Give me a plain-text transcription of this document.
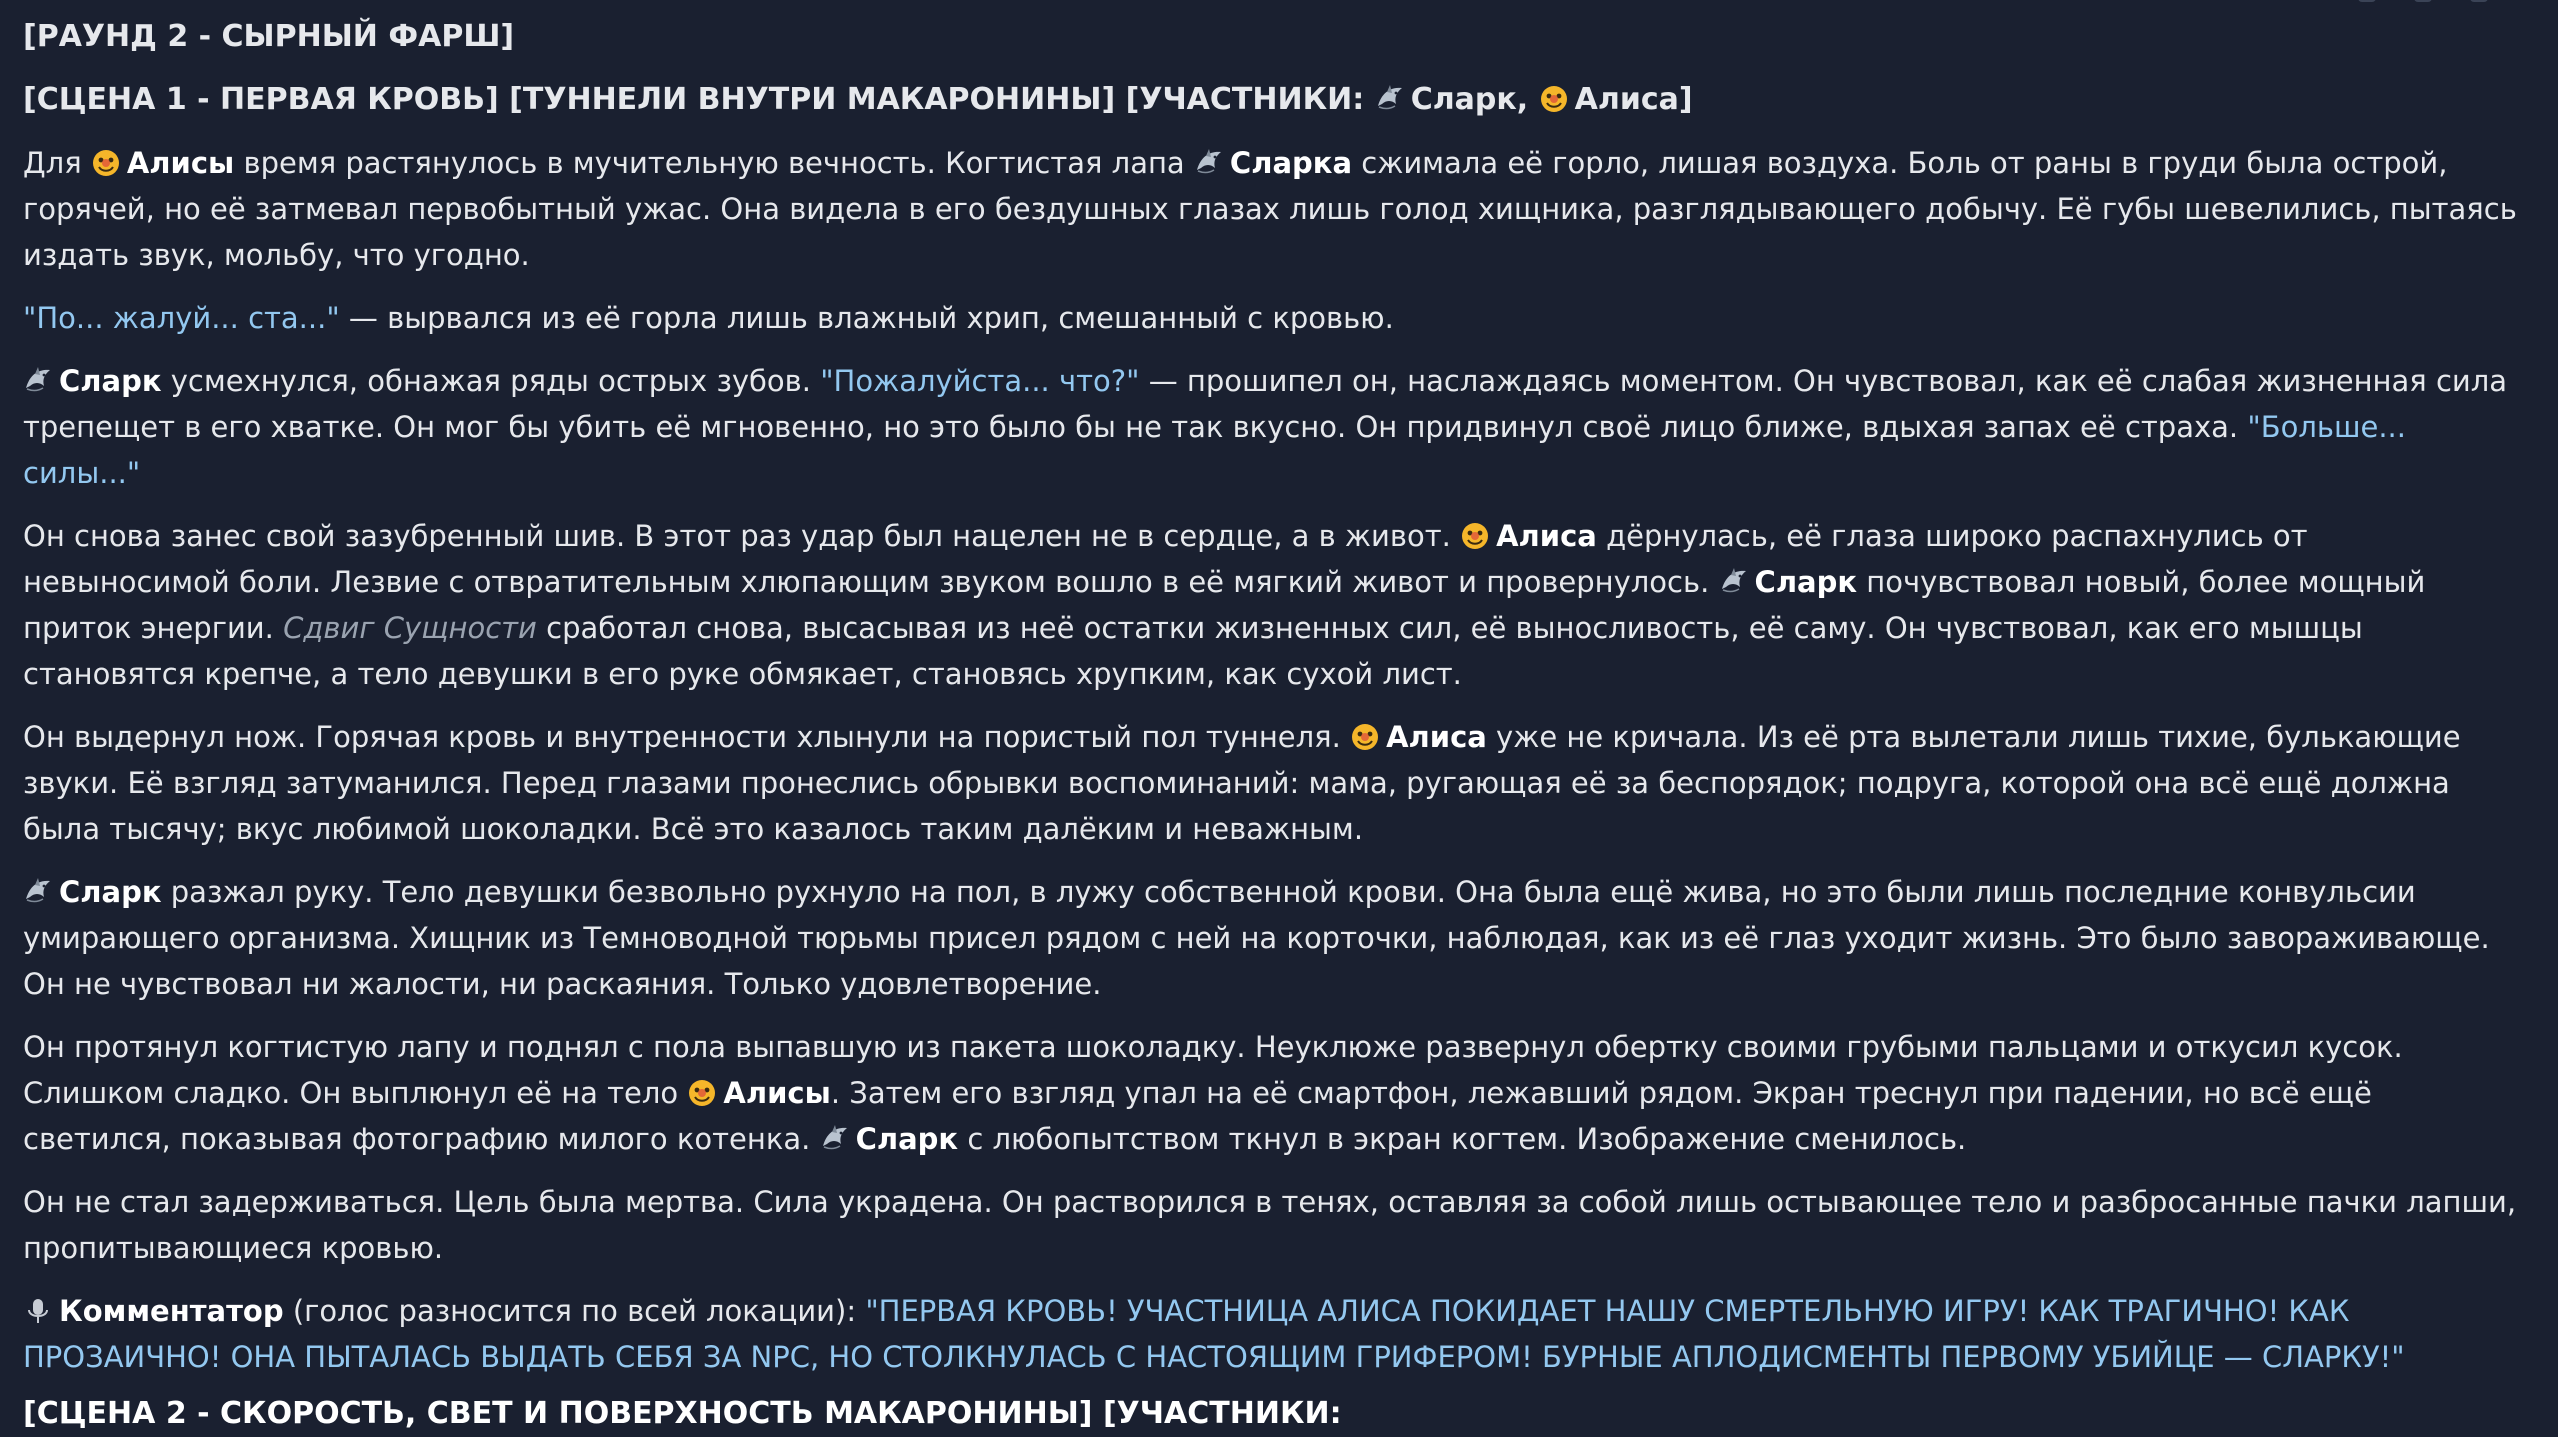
[РАУНД 2 - СЫРНЫЙ ФАРШ]

[СЦЕНА 1 - ПЕРВАЯ КРОВЬ] [ТУННЕЛИ ВНУТРИ МАКАРОНИНЫ] [УЧАСТНИКИ: Сларк, Алиса]

Для Алисы время растянулось в мучительную вечность. Когтистая лапа Сларка сжимала её горло, лишая воздуха. Боль от раны в груди была острой, горячей, но её затмевал первобытный ужас. Она видела в его бездушных глазах лишь голод хищника, разглядывающего добычу. Её губы шевелились, пытаясь издать звук, мольбу, что угодно.

"По... жалуй... ста..." — вырвался из её горла лишь влажный хрип, смешанный с кровью.

Сларк усмехнулся, обнажая ряды острых зубов. "Пожалуйста... что?" — прошипел он, наслаждаясь моментом. Он чувствовал, как её слабая жизненная сила трепещет в его хватке. Он мог бы убить её мгновенно, но это было бы не так вкусно. Он придвинул своё лицо ближе, вдыхая запах её страха. "Больше... силы..."

Он снова занес свой зазубренный шив. В этот раз удар был нацелен не в сердце, а в живот. Алиса дёрнулась, её глаза широко распахнулись от невыносимой боли. Лезвие с отвратительным хлюпающим звуком вошло в её мягкий живот и провернулось. Сларк почувствовал новый, более мощный приток энергии. Сдвиг Сущности сработал снова, высасывая из неё остатки жизненных сил, её выносливость, её саму. Он чувствовал, как его мышцы становятся крепче, а тело девушки в его руке обмякает, становясь хрупким, как сухой лист.

Он выдернул нож. Горячая кровь и внутренности хлынули на пористый пол туннеля. Алиса уже не кричала. Из её рта вылетали лишь тихие, булькающие звуки. Её взгляд затуманился. Перед глазами пронеслись обрывки воспоминаний: мама, ругающая её за беспорядок; подруга, которой она всё ещё должна была тысячу; вкус любимой шоколадки. Всё это казалось таким далёким и неважным.

Сларк разжал руку. Тело девушки безвольно рухнуло на пол, в лужу собственной крови. Она была ещё жива, но это были лишь последние конвульсии умирающего организма. Хищник из Темноводной тюрьмы присел рядом с ней на корточки, наблюдая, как из её глаз уходит жизнь. Это было завораживающе. Он не чувствовал ни жалости, ни раскаяния. Только удовлетворение.

Он протянул когтистую лапу и поднял с пола выпавшую из пакета шоколадку. Неуклюже развернул обертку своими грубыми пальцами и откусил кусок. Слишком сладко. Он выплюнул её на тело Алисы. Затем его взгляд упал на её смартфон, лежавший рядом. Экран треснул при падении, но всё ещё светился, показывая фотографию милого котенка. Сларк с любопытством ткнул в экран когтем. Изображение сменилось.

Он не стал задерживаться. Цель была мертва. Сила украдена. Он растворился в тенях, оставляя за собой лишь остывающее тело и разбросанные пачки лапши, пропитывающиеся кровью.

Комментатор (голос разносится по всей локации): "ПЕРВАЯ КРОВЬ! УЧАСТНИЦА АЛИСА ПОКИДАЕТ НАШУ СМЕРТЕЛЬНУЮ ИГРУ! КАК ТРАГИЧНО! КАК ПРОЗАИЧНО! ОНА ПЫТАЛАСЬ ВЫДАТЬ СЕБЯ ЗА NPC, НО СТОЛКНУЛАСЬ С НАСТОЯЩИМ ГРИФЕРОМ! БУРНЫЕ АПЛОДИСМЕНТЫ ПЕРВОМУ УБИЙЦЕ — СЛАРКУ!"

[СЦЕНА 2 - СКОРОСТЬ, СВЕТ И ПОВЕРХНОСТЬ МАКАРОНИНЫ] [УЧАСТНИКИ:
